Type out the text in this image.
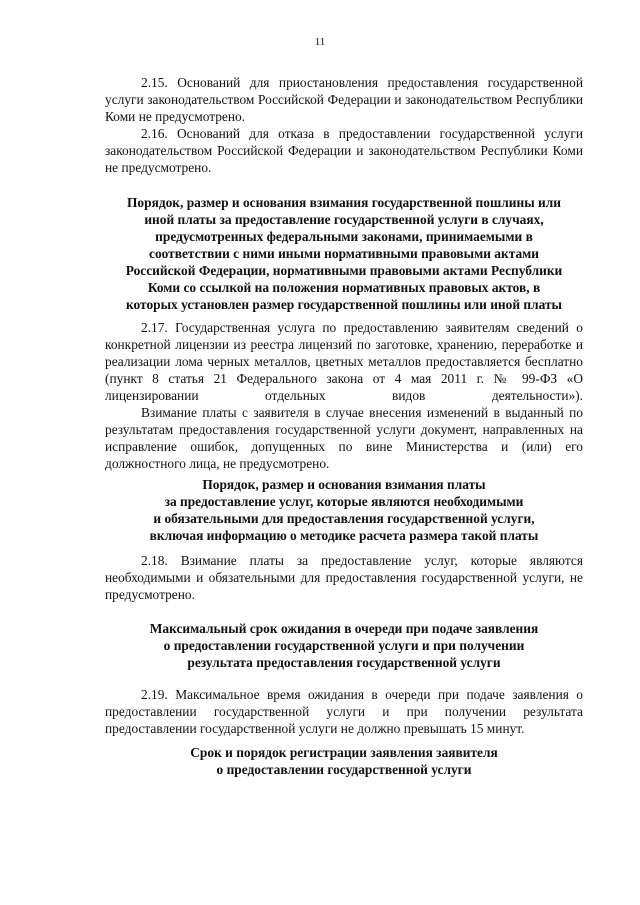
11

2.15. Оснований для приостановления предоставления государственной услуги законодательством Российской Федерации и законодательством Республики Коми не предусмотрено.

2.16. Оснований для отказа в предоставлении государственной услуги законодательством Российской Федерации и законодательством Республики Коми не предусмотрено.

Порядок, размер и основания взимания государственной пошлины или
иной платы за предоставление государственной услуги в случаях,
предусмотренных федеральными законами, принимаемыми в
соответствии с ними иными нормативными правовыми актами
Российской Федерации, нормативными правовыми актами Республики
Коми со ссылкой на положения нормативных правовых актов, в
которых установлен размер государственной пошлины или иной платы

2.17. Государственная услуга по предоставлению заявителям сведений о конкретной лицензии из реестра лицензий по заготовке, хранению, переработке и реализации лома черных металлов, цветных металлов предоставляется бесплатно (пункт 8 статья 21 Федерального закона от 4 мая 2011 г. № 99-ФЗ «О лицензировании отдельных видов деятельности»).

Взимание платы с заявителя в случае внесения изменений в выданный по результатам предоставления государственной услуги документ, направленных на исправление ошибок, допущенных по вине Министерства и (или) его должностного лица, не предусмотрено.

Порядок, размер и основания взимания платы
за предоставление услуг, которые являются необходимыми
и обязательными для предоставления государственной услуги,
включая информацию о методике расчета размера такой платы

2.18. Взимание платы за предоставление услуг, которые являются необходимыми и обязательными для предоставления государственной услуги, не предусмотрено.

Максимальный срок ожидания в очереди при подаче заявления
о предоставлении государственной услуги и при получении
результата предоставления государственной услуги

2.19. Максимальное время ожидания в очереди при подаче заявления о предоставлении государственной услуги и при получении результата предоставлении государственной услуги не должно превышать 15 минут.

Срок и порядок регистрации заявления заявителя
о предоставлении государственной услуги
